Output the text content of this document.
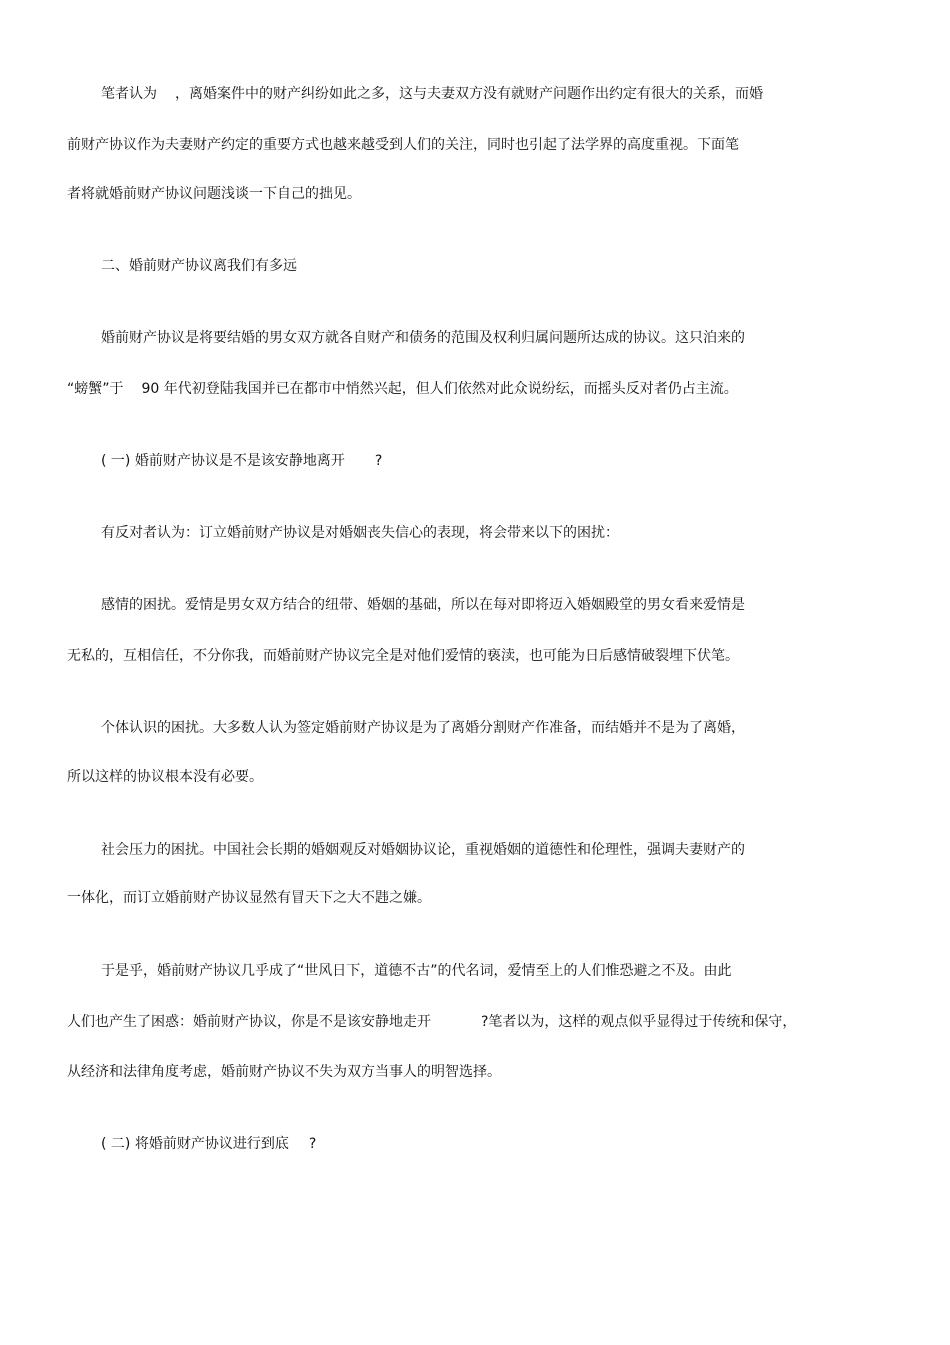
笔者认为 ，离婚案件中的财产纠纷如此之多，这与夫妻双方没有就财产问题作出约定有很大的关系，而婚
前财产协议作为夫妻财产约定的重要方式也越来越受到人们的关注，同时也引起了法学界的高度重视。下面笔
者将就婚前财产协议问题浅谈一下自己的拙见。
二、婚前财产协议离我们有多远
婚前财产协议是将要结婚的男女双方就各自财产和债务的范围及权利归属问题所达成的协议。这只泊来的
“螃蟹”于 90 年代初登陆我国并已在都市中悄然兴起，但人们依然对此众说纷纭，而摇头反对者仍占主流。
( 一) 婚前财产协议是不是该安静地离开 ?
有反对者认为：订立婚前财产协议是对婚姻丧失信心的表现，将会带来以下的困扰：
感情的困扰。爱情是男女双方结合的纽带、婚姻的基础，所以在每对即将迈入婚姻殿堂的男女看来爱情是
无私的，互相信任，不分你我，而婚前财产协议完全是对他们爱情的亵渎，也可能为日后感情破裂埋下伏笔。
个体认识的困扰。大多数人认为签定婚前财产协议是为了离婚分割财产作准备，而结婚并不是为了离婚，
所以这样的协议根本没有必要。
社会压力的困扰。中国社会长期的婚姻观反对婚姻协议论，重视婚姻的道德性和伦理性，强调夫妻财产的
一体化，而订立婚前财产协议显然有冒天下之大不韪之嫌。
于是乎，婚前财产协议几乎成了“世风日下，道德不古”的代名词，爱情至上的人们惟恐避之不及。由此
人们也产生了困惑：婚前财产协议，你是不是该安静地走开	?笔者以为，这样的观点似乎显得过于传统和保守，
从经济和法律角度考虑，婚前财产协议不失为双方当事人的明智选择。
( 二) 将婚前财产协议进行到底 ?
